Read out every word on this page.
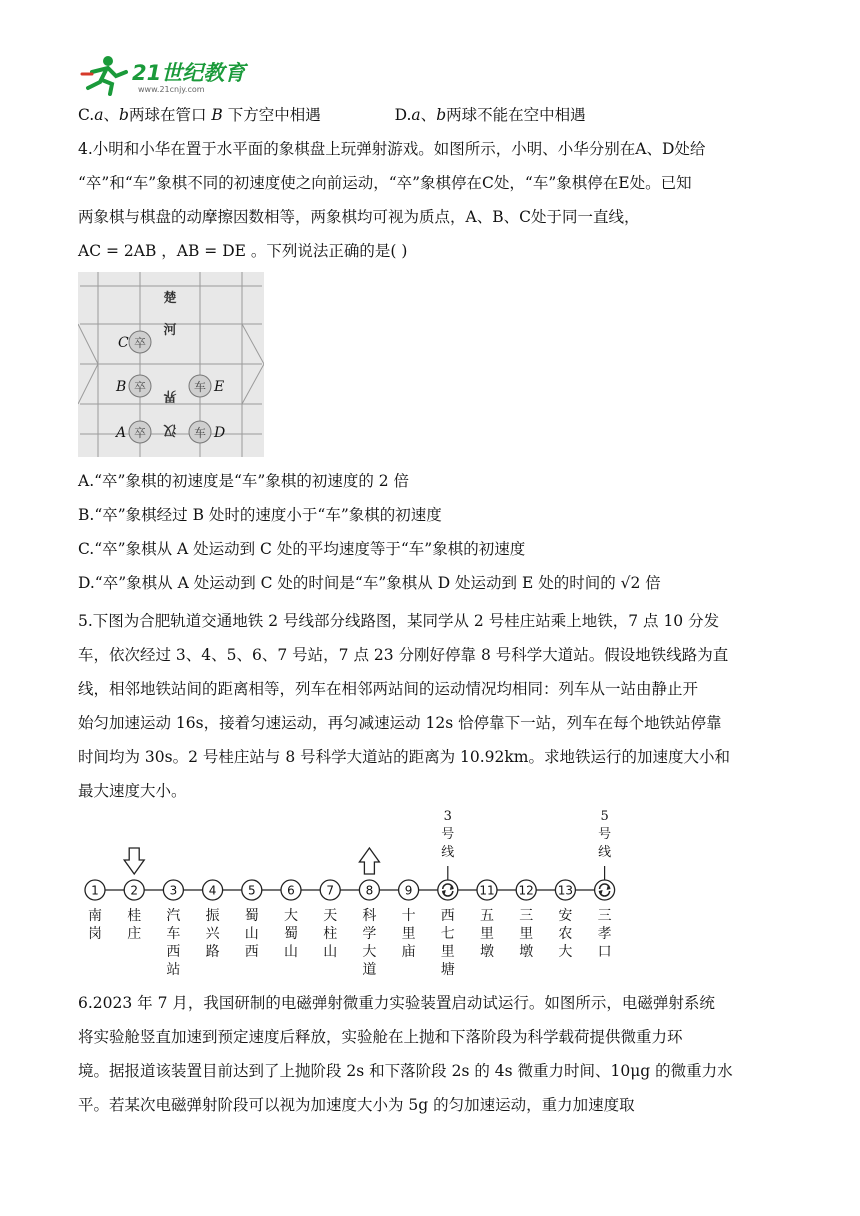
21世纪教育
www.21cnjy.com
C.a、b两球在管口 B 下方空中相遇	D.a、b两球不能在空中相遇
4.小明和小华在置于水平面的象棋盘上玩弹射游戏。如图所示，小明、小华分别在A、D处给
“卒”和“车”象棋不同的初速度使之向前运动，“卒”象棋停在C处，“车”象棋停在E处。已知
两象棋与棋盘的动摩擦因数相等，两象棋均可视为质点，A、B、C处于同一直线，
AC = 2AB ，AB = DE 。下列说法正确的是( )
楚
河
界
汉
卒
C
卒
B
卒
A
车 E
车 D
A.“卒”象棋的初速度是“车”象棋的初速度的 2 倍
B.“卒”象棋经过 B 处时的速度小于“车”象棋的初速度
C.“卒”象棋从 A 处运动到 C 处的平均速度等于“车”象棋的初速度
D.“卒”象棋从 A 处运动到 C 处的时间是“车”象棋从 D 处运动到 E 处的时间的 √2 倍
5.下图为合肥轨道交通地铁 2 号线部分线路图，某同学从 2 号桂庄站乘上地铁，7 点 10 分发
车，依次经过 3、4、5、6、7 号站，7 点 23 分刚好停靠 8 号科学大道站。假设地铁线路为直
线，相邻地铁站间的距离相等，列车在相邻两站间的运动情况均相同：列车从一站由静止开
始匀加速运动 16s，接着匀速运动，再匀减速运动 12s 恰停靠下一站，列车在每个地铁站停靠
时间均为 30s。2 号桂庄站与 8 号科学大道站的距离为 10.92km。求地铁运行的加速度大小和
最大速度大小。
1
南
岗
2
桂
庄
3
汽
车
西
站
4
振
兴
路
5
蜀
山
西
6
大
蜀
山
7
天
柱
山
8
科
学
大
道
9
十
里
庙
西
七
里
塘
11
五
里
墩
12
三
里
墩
13
安
农
大
三
孝
口
3
号
线
5
号
线
6.2023 年 7 月，我国研制的电磁弹射微重力实验装置启动试运行。如图所示，电磁弹射系统
将实验舱竖直加速到预定速度后释放，实验舱在上抛和下落阶段为科学载荷提供微重力环
境。据报道该装置目前达到了上抛阶段 2s 和下落阶段 2s 的 4s 微重力时间、10μg 的微重力水
平。若某次电磁弹射阶段可以视为加速度大小为 5g 的匀加速运动，重力加速度取
